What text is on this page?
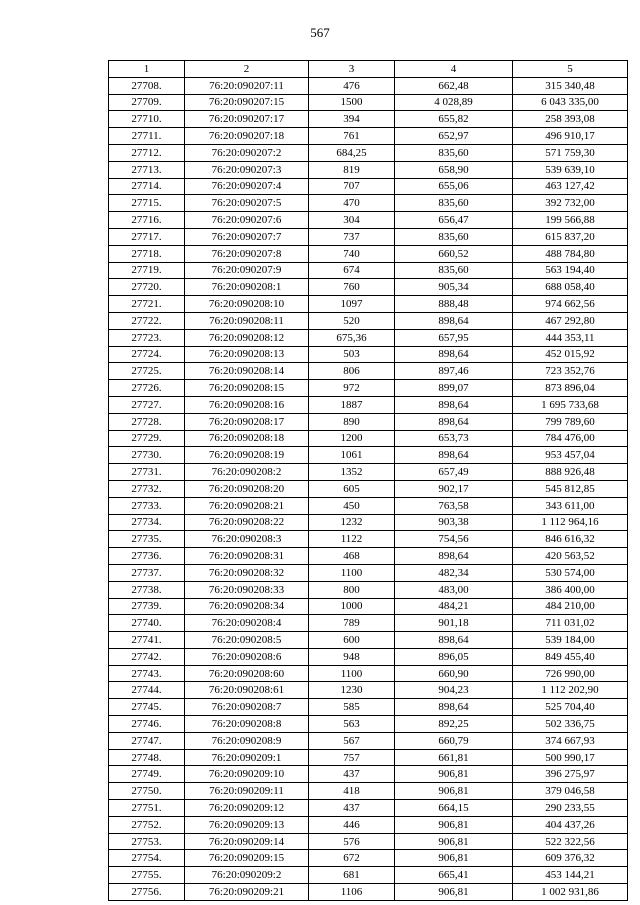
567
1	2	3	4	5
27708.	76:20:090207:11	476	662,48	315 340,48
27709.	76:20:090207:15	1500	4 028,89	6 043 335,00
27710.	76:20:090207:17	394	655,82	258 393,08
27711.	76:20:090207:18	761	652,97	496 910,17
27712.	76:20:090207:2	684,25	835,60	571 759,30
27713.	76:20:090207:3	819	658,90	539 639,10
27714.	76:20:090207:4	707	655,06	463 127,42
27715.	76:20:090207:5	470	835,60	392 732,00
27716.	76:20:090207:6	304	656,47	199 566,88
27717.	76:20:090207:7	737	835,60	615 837,20
27718.	76:20:090207:8	740	660,52	488 784,80
27719.	76:20:090207:9	674	835,60	563 194,40
27720.	76:20:090208:1	760	905,34	688 058,40
27721.	76:20:090208:10	1097	888,48	974 662,56
27722.	76:20:090208:11	520	898,64	467 292,80
27723.	76:20:090208:12	675,36	657,95	444 353,11
27724.	76:20:090208:13	503	898,64	452 015,92
27725.	76:20:090208:14	806	897,46	723 352,76
27726.	76:20:090208:15	972	899,07	873 896,04
27727.	76:20:090208:16	1887	898,64	1 695 733,68
27728.	76:20:090208:17	890	898,64	799 789,60
27729.	76:20:090208:18	1200	653,73	784 476,00
27730.	76:20:090208:19	1061	898,64	953 457,04
27731.	76:20:090208:2	1352	657,49	888 926,48
27732.	76:20:090208:20	605	902,17	545 812,85
27733.	76:20:090208:21	450	763,58	343 611,00
27734.	76:20:090208:22	1232	903,38	1 112 964,16
27735.	76:20:090208:3	1122	754,56	846 616,32
27736.	76:20:090208:31	468	898,64	420 563,52
27737.	76:20:090208:32	1100	482,34	530 574,00
27738.	76:20:090208:33	800	483,00	386 400,00
27739.	76:20:090208:34	1000	484,21	484 210,00
27740.	76:20:090208:4	789	901,18	711 031,02
27741.	76:20:090208:5	600	898,64	539 184,00
27742.	76:20:090208:6	948	896,05	849 455,40
27743.	76:20:090208:60	1100	660,90	726 990,00
27744.	76:20:090208:61	1230	904,23	1 112 202,90
27745.	76:20:090208:7	585	898,64	525 704,40
27746.	76:20:090208:8	563	892,25	502 336,75
27747.	76:20:090208:9	567	660,79	374 667,93
27748.	76:20:090209:1	757	661,81	500 990,17
27749.	76:20:090209:10	437	906,81	396 275,97
27750.	76:20:090209:11	418	906,81	379 046,58
27751.	76:20:090209:12	437	664,15	290 233,55
27752.	76:20:090209:13	446	906,81	404 437,26
27753.	76:20:090209:14	576	906,81	522 322,56
27754.	76:20:090209:15	672	906,81	609 376,32
27755.	76:20:090209:2	681	665,41	453 144,21
27756.	76:20:090209:21	1106	906,81	1 002 931,86
